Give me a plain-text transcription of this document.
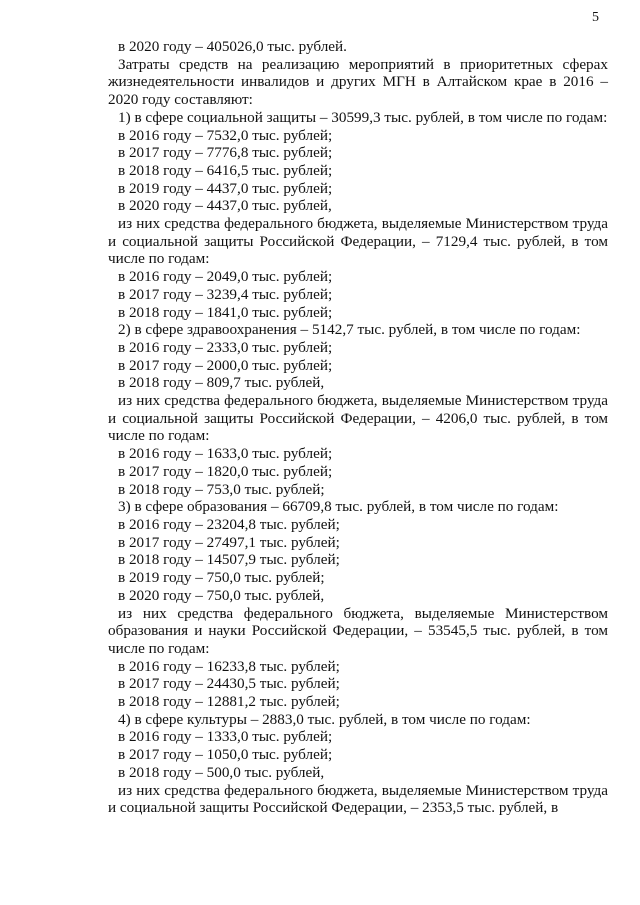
5
в 2020 году – 405026,0 тыс. рублей.
Затраты средств на реализацию мероприятий в приоритетных сферах жизнедеятельности инвалидов и других МГН в Алтайском крае в 2016 – 2020 году составляют:
1) в сфере социальной защиты – 30599,3 тыс. рублей, в том числе по годам:
в 2016 году – 7532,0 тыс. рублей;
в 2017 году – 7776,8 тыс. рублей;
в 2018 году – 6416,5 тыс. рублей;
в 2019 году – 4437,0 тыс. рублей;
в 2020 году – 4437,0 тыс. рублей,
из них средства федерального бюджета, выделяемые Министерством труда и социальной защиты Российской Федерации, – 7129,4 тыс. рублей, в том числе по годам:
в 2016 году – 2049,0 тыс. рублей;
в 2017 году – 3239,4 тыс. рублей;
в 2018 году – 1841,0 тыс. рублей;
2) в сфере здравоохранения – 5142,7 тыс. рублей, в том числе по годам:
в 2016 году – 2333,0 тыс. рублей;
в 2017 году – 2000,0 тыс. рублей;
в 2018 году – 809,7 тыс. рублей,
из них средства федерального бюджета, выделяемые Министерством труда и социальной защиты Российской Федерации, – 4206,0 тыс. рублей, в том числе по годам:
в 2016 году – 1633,0 тыс. рублей;
в 2017 году – 1820,0 тыс. рублей;
в 2018 году – 753,0 тыс. рублей;
3) в сфере образования – 66709,8 тыс. рублей, в том числе по годам:
в 2016 году – 23204,8 тыс. рублей;
в 2017 году – 27497,1 тыс. рублей;
в 2018 году – 14507,9 тыс. рублей;
в 2019 году – 750,0 тыс. рублей;
в 2020 году – 750,0 тыс. рублей,
из них средства федерального бюджета, выделяемые Министерством образования и науки Российской Федерации, – 53545,5 тыс. рублей, в том числе по годам:
в 2016 году – 16233,8 тыс. рублей;
в 2017 году – 24430,5 тыс. рублей;
в 2018 году – 12881,2 тыс. рублей;
4) в сфере культуры – 2883,0 тыс. рублей, в том числе по годам:
в 2016 году – 1333,0 тыс. рублей;
в 2017 году – 1050,0 тыс. рублей;
в 2018 году – 500,0 тыс. рублей,
из них средства федерального бюджета, выделяемые Министерством труда и социальной защиты Российской Федерации, – 2353,5 тыс. рублей, в
